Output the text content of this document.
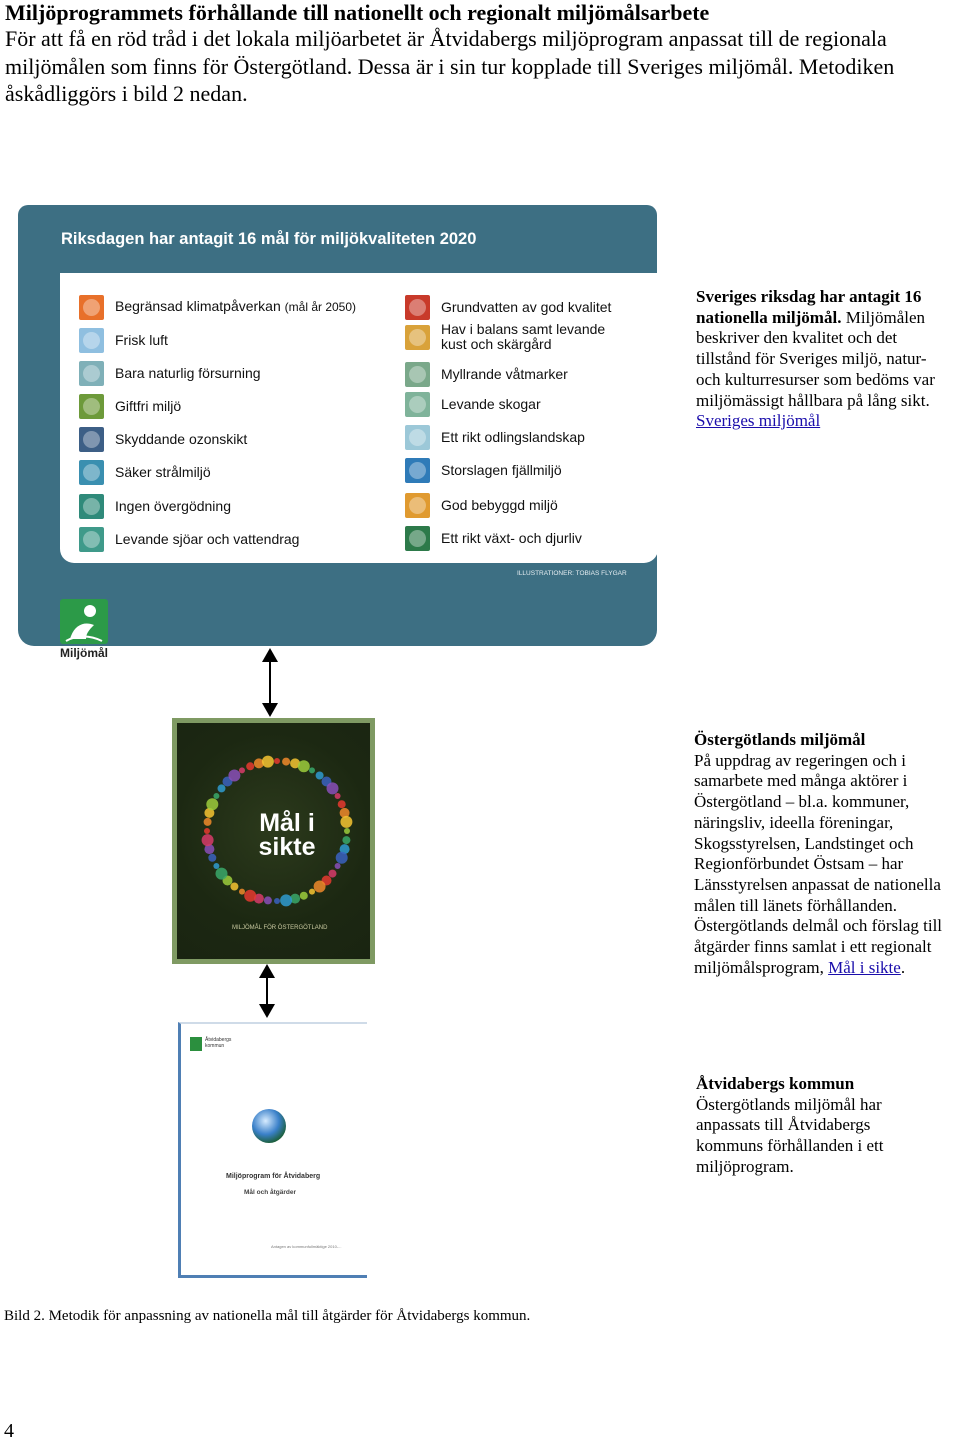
Miljöprogrammets förhållande till nationellt och regionalt miljömålsarbete
För att få en röd tråd i det lokala miljöarbetet är Åtvidabergs miljöprogram anpassat till de regionala miljömålen som finns för Östergötland. Dessa är i sin tur kopplade till Sveriges miljömål. Metodiken åskådliggörs i bild 2 nedan.
Riksdagen har antagit 16 mål för miljökvaliteten 2020
Begränsad klimatpåverkan (mål år 2050)
Frisk luft
Bara naturlig försurning
Giftfri miljö
Skyddande ozonskikt
Säker strålmiljö
Ingen övergödning
Levande sjöar och vattendrag
Grundvatten av god kvalitet
Hav i balans samt levande kust och skärgård
Myllrande våtmarker
Levande skogar
Ett rikt odlingslandskap
Storslagen fjällmiljö
God bebyggd miljö
Ett rikt växt- och djurliv
ILLUSTRATIONER: TOBIAS FLYGAR
Miljömål
Sveriges riksdag har antagit 16 nationella miljömål. Miljömålen beskriver den kvalitet och det tillstånd för Sveriges miljö, natur- och kulturresurser som bedöms var miljömässigt hållbara på lång sikt. Sveriges miljömål
Mål i sikte
MILJÖMÅL FÖR ÖSTERGÖTLAND
Östergötlands miljömål
På uppdrag av regeringen och i samarbete med många aktörer i Östergötland – bl.a. kommuner, näringsliv, ideella föreningar, Skogsstyrelsen, Landstinget och Regionförbundet Östsam – har Länsstyrelsen anpassat de nationella målen till länets förhållanden. Östergötlands delmål och förslag till åtgärder finns samlat i ett regionalt miljömålsprogram, Mål i sikte.
Åtvidabergs
kommun
Miljöprogram för Åtvidaberg
Mål och åtgärder
Antagen av kommunfullmäktige 2010-...
Åtvidabergs kommun
Östergötlands miljömål har anpassats till Åtvidabergs kommuns förhållanden i ett miljöprogram.
Bild 2. Metodik för anpassning av nationella mål till åtgärder för Åtvidabergs kommun.
4
